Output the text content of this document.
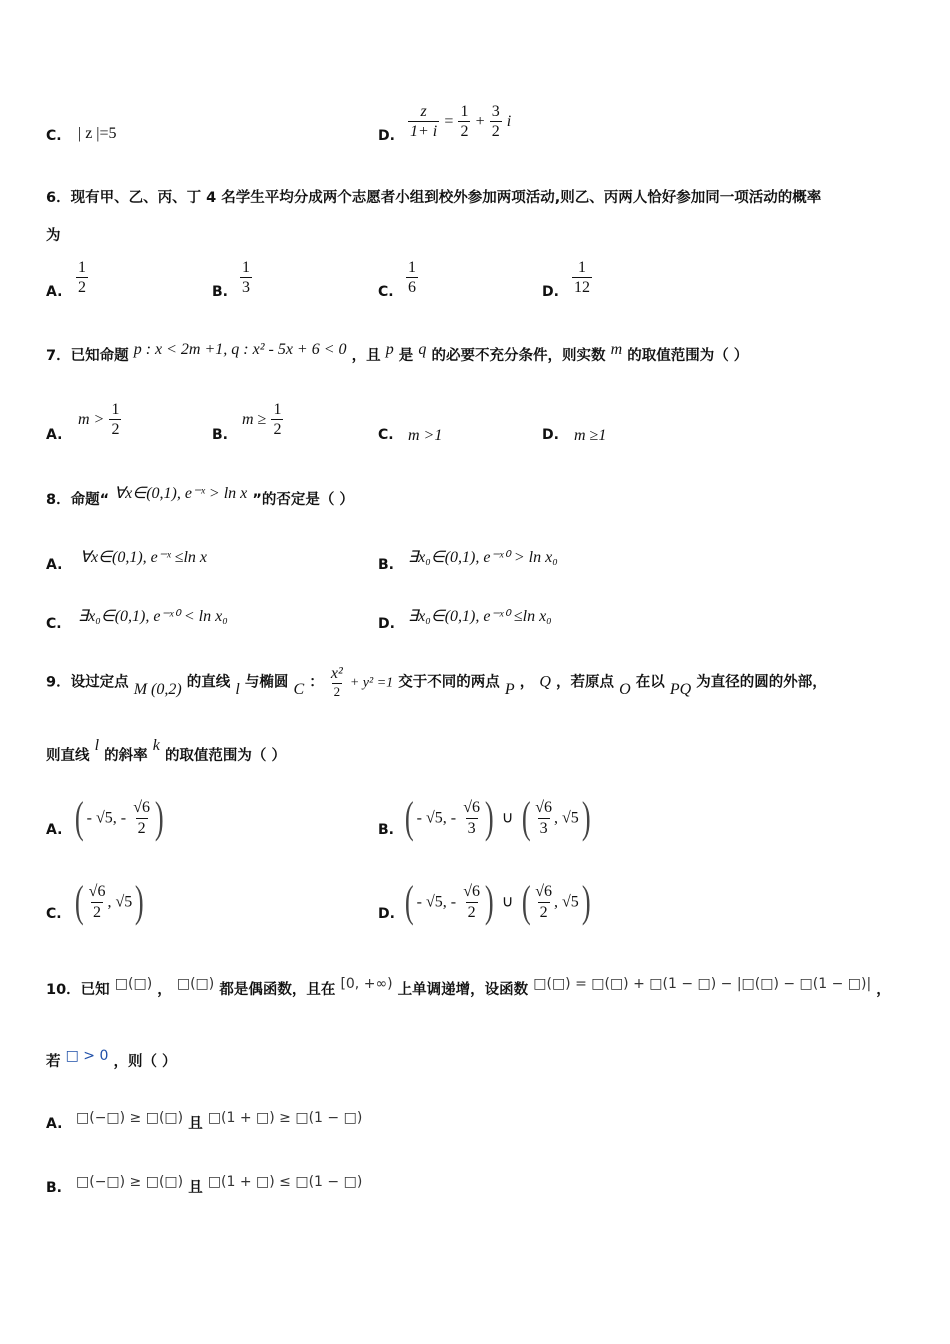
C. | z |=5	D. $\frac{z}{1+ i} = \frac{1}{2} + \frac{3}{2}$ i
6．现有甲、乙、丙、丁 4 名学生平均分成两个志愿者小组到校外参加两项活动,则乙、丙两人恰好参加同一项活动的概率
为
A. $\frac{1}{2}$	B. $\frac{1}{3}$	C. $\frac{1}{6}$	D. $\frac{1}{12}$
7．已知命题 p : x < 2m +1, q : x² - 5x + 6 < 0 ，且 p 是 q 的必要不充分条件，则实数 m 的取值范围为（ ）
A.
$m > \frac{1}{2}$	B.
$m \ge \frac{1}{2}$	C. m >1	D. m ≥1
8．命题“ ∀x∈(0,1), e⁻ˣ > ln x ”的否定是（ ）
A. ∀x∈(0,1), e⁻ˣ ≤ln x	B. ∃x₀∈(0,1), e⁻ˣ⁰ > ln x₀
C. ∃x₀∈(0,1), e⁻ˣ⁰ < ln x₀	D. ∃x₀∈(0,1), e⁻ˣ⁰ ≤ln x₀
9．设过定点 M (0,2) 的直线 l 与椭圆 C ： $\frac{\text{x²}}{2} + y^2 =1$ 交于不同的两点 P ， Q ，若原点 O 在以 PQ 为直径的圆的外部，
则直线 l 的斜率 k 的取值范围为（ ）
A. ( - √5, - $\frac{√6}{2}$ )	B. ( - √5, - $\frac{√6}{3}$ ) ∪ ( $\frac{√6}{3}$ , √5)
C. ( $\frac{√6}{2}$ , √5)	D. ( - √5, - $\frac{√6}{2}$ ) ∪ ( $\frac{√6}{2}$ , √5)
10．已知 □(□) ， □(□) 都是偶函数，且在 [0, +∞) 上单调递增，设函数 □(□) = □(□) + □(1 − □) − |□(□) − □(1 − □)| ，
若 □ > 0 ，则（ ）
A. □(−□) ≥ □(□) 且 □(1 + □) ≥ □(1 − □)
B. □(−□) ≥ □(□) 且 □(1 + □) ≤ □(1 − □)
